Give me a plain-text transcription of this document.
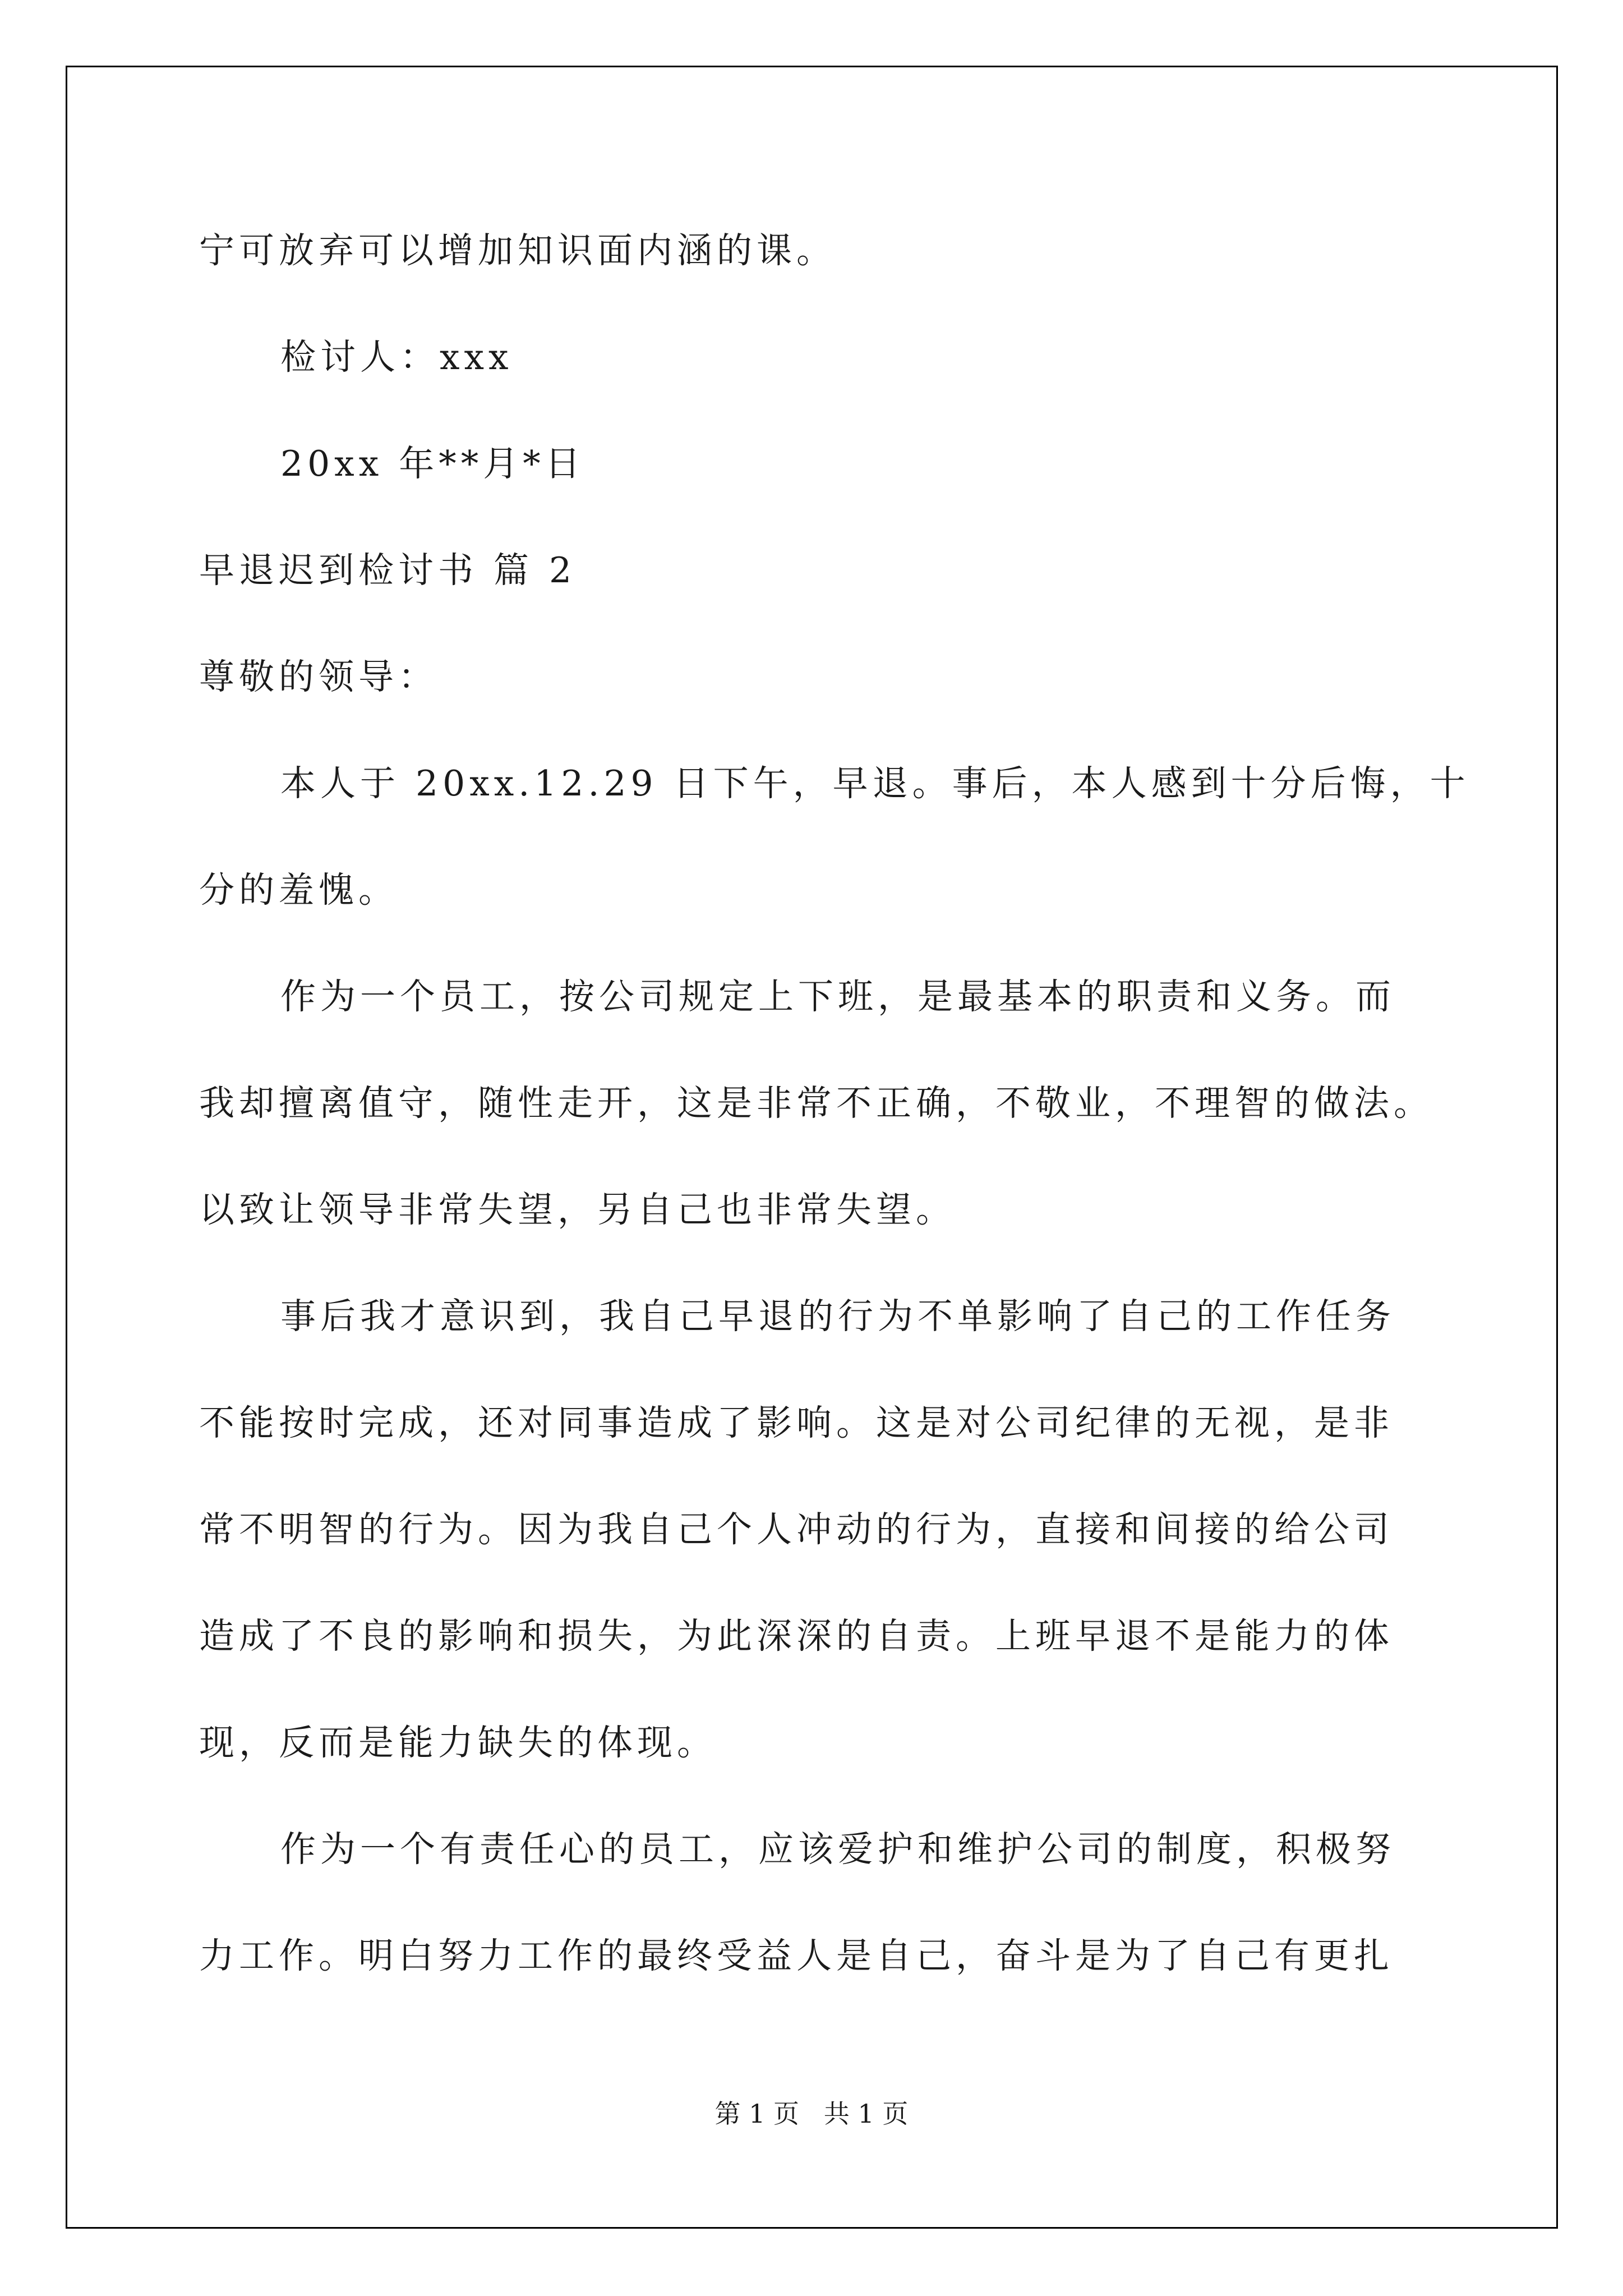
宁可放弃可以增加知识面内涵的课。
检讨人：xxx
20xx 年**月*日
早退迟到检讨书 篇 2
尊敬的领导：
本人于 20xx.12.29 日下午，早退。事后，本人感到十分后悔，十
分的羞愧。
作为一个员工，按公司规定上下班，是最基本的职责和义务。而
我却擅离值守，随性走开，这是非常不正确，不敬业，不理智的做法。
以致让领导非常失望，另自己也非常失望。
事后我才意识到，我自己早退的行为不单影响了自己的工作任务
不能按时完成，还对同事造成了影响。这是对公司纪律的无视，是非
常不明智的行为。因为我自己个人冲动的行为，直接和间接的给公司
造成了不良的影响和损失，为此深深的自责。上班早退不是能力的体
现，反而是能力缺失的体现。
作为一个有责任心的员工，应该爱护和维护公司的制度，积极努
力工作。明白努力工作的最终受益人是自己，奋斗是为了自己有更扎
第 1 页   共 1 页
